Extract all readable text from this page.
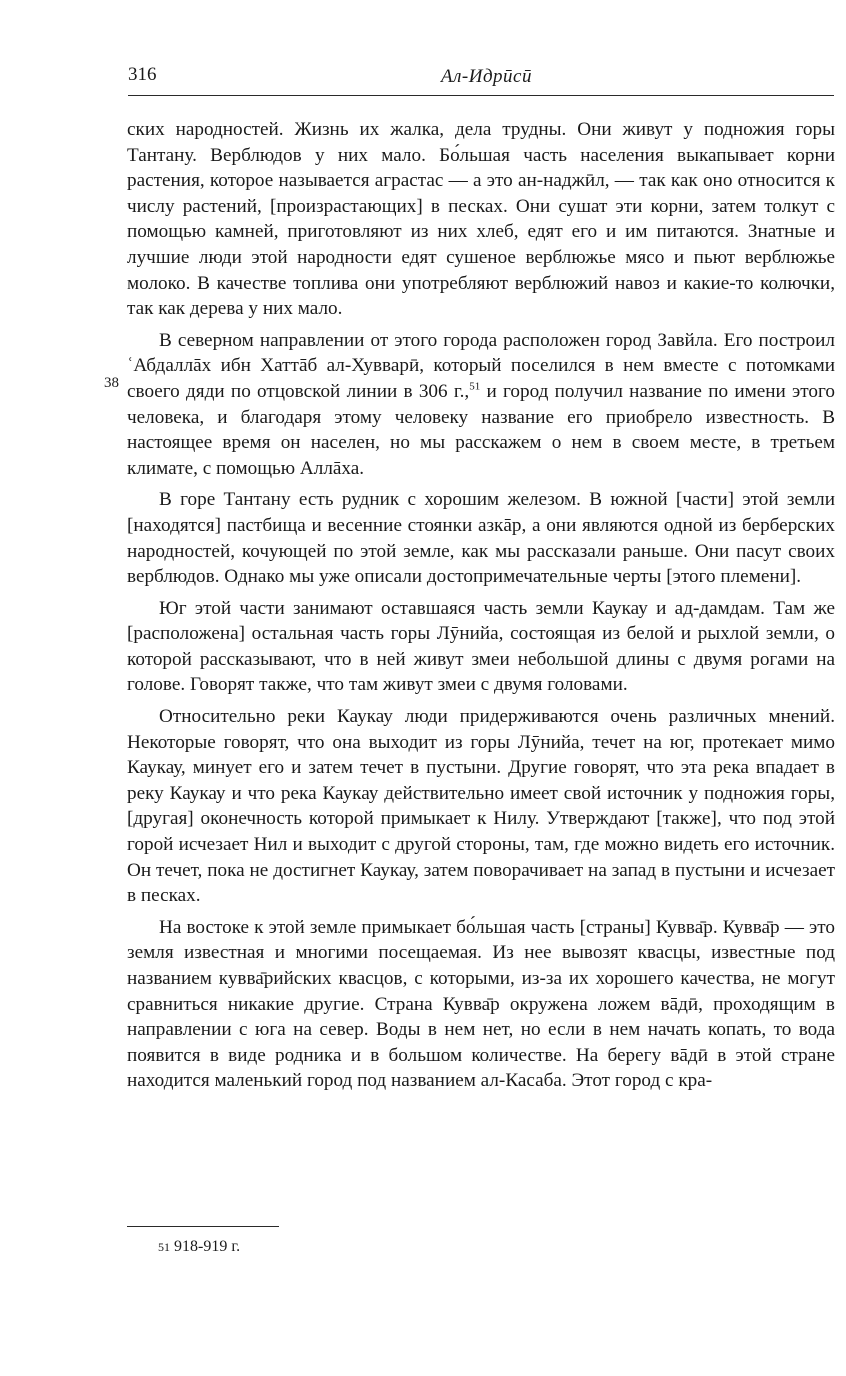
316	Ал-Идрӣсӣ
38

ских народностей. Жизнь их жалка, дела трудны. Они живут у подножия горы Тантану. Верблюдов у них мало. Бо́льшая часть населения выкапывает корни растения, которое называется аграстас — а это ан-наджӣл, — так как оно относится к числу растений, [произрастающих] в песках. Они сушат эти корни, затем толкут с помощью камней, приготовляют из них хлеб, едят его и им питаются. Знатные и лучшие люди этой народности едят сушеное верблюжье мясо и пьют верблюжье молоко. В качестве топлива они употребляют верблюжий навоз и какие-то колючки, так как дерева у них мало.

В северном направлении от этого города расположен город Завйла. Его построил ʿАбдаллāх ибн Хаттāб ал-Хувварӣ, который поселился в нем вместе с потомками своего дяди по отцовской линии в 306 г.,$^{51}$ и город получил название по имени этого человека, и благодаря этому человеку название его приобрело известность. В настоящее время он населен, но мы расскажем о нем в своем месте, в третьем климате, с помощью Аллāха.

В горе Тантану есть рудник с хорошим железом. В южной [части] этой земли [находятся] пастбища и весенние стоянки азкāр, а они являются одной из берберских народностей, кочующей по этой земле, как мы рассказали раньше. Они пасут своих верблюдов. Однако мы уже описали достопримечательные черты [этого племени].

Юг этой части занимают оставшаяся часть земли Каукау и ад-дамдам. Там же [расположена] остальная часть горы Лӯнийа, состоящая из белой и рыхлой земли, о которой рассказывают, что в ней живут змеи небольшой длины с двумя рогами на голове. Говорят также, что там живут змеи с двумя головами.

Относительно реки Каукау люди придерживаются очень различных мнений. Некоторые говорят, что она выходит из горы Лӯнийа, течет на юг, протекает мимо Каукау, минует его и затем течет в пустыни. Другие говорят, что эта река впадает в реку Каукау и что река Каукау действительно имеет свой источник у подножия горы, [другая] оконечность которой примыкает к Нилу. Утверждают [также], что под этой горой исчезает Нил и выходит с другой стороны, там, где можно видеть его источник. Он течет, пока не достигнет Каукау, затем поворачивает на запад в пустыни и исчезает в песках.

На востоке к этой земле примыкает бо́льшая часть [страны] Кувва̄р. Кувва̄р — это земля известная и многими посещаемая. Из нее вывозят квасцы, известные под названием кувва̄рийских квасцов, с которыми, из-за их хорошего качества, не могут сравниться никакие другие. Страна Кувва̄р окружена ложем вāдӣ, проходящим в направлении с юга на север. Воды в нем нет, но если в нем начать копать, то вода появится в виде родника и в большом количестве. На берегу вāдӣ в этой стране находится маленький город под названием ал-Касаба. Этот город с кра-

51 918-919 г.
